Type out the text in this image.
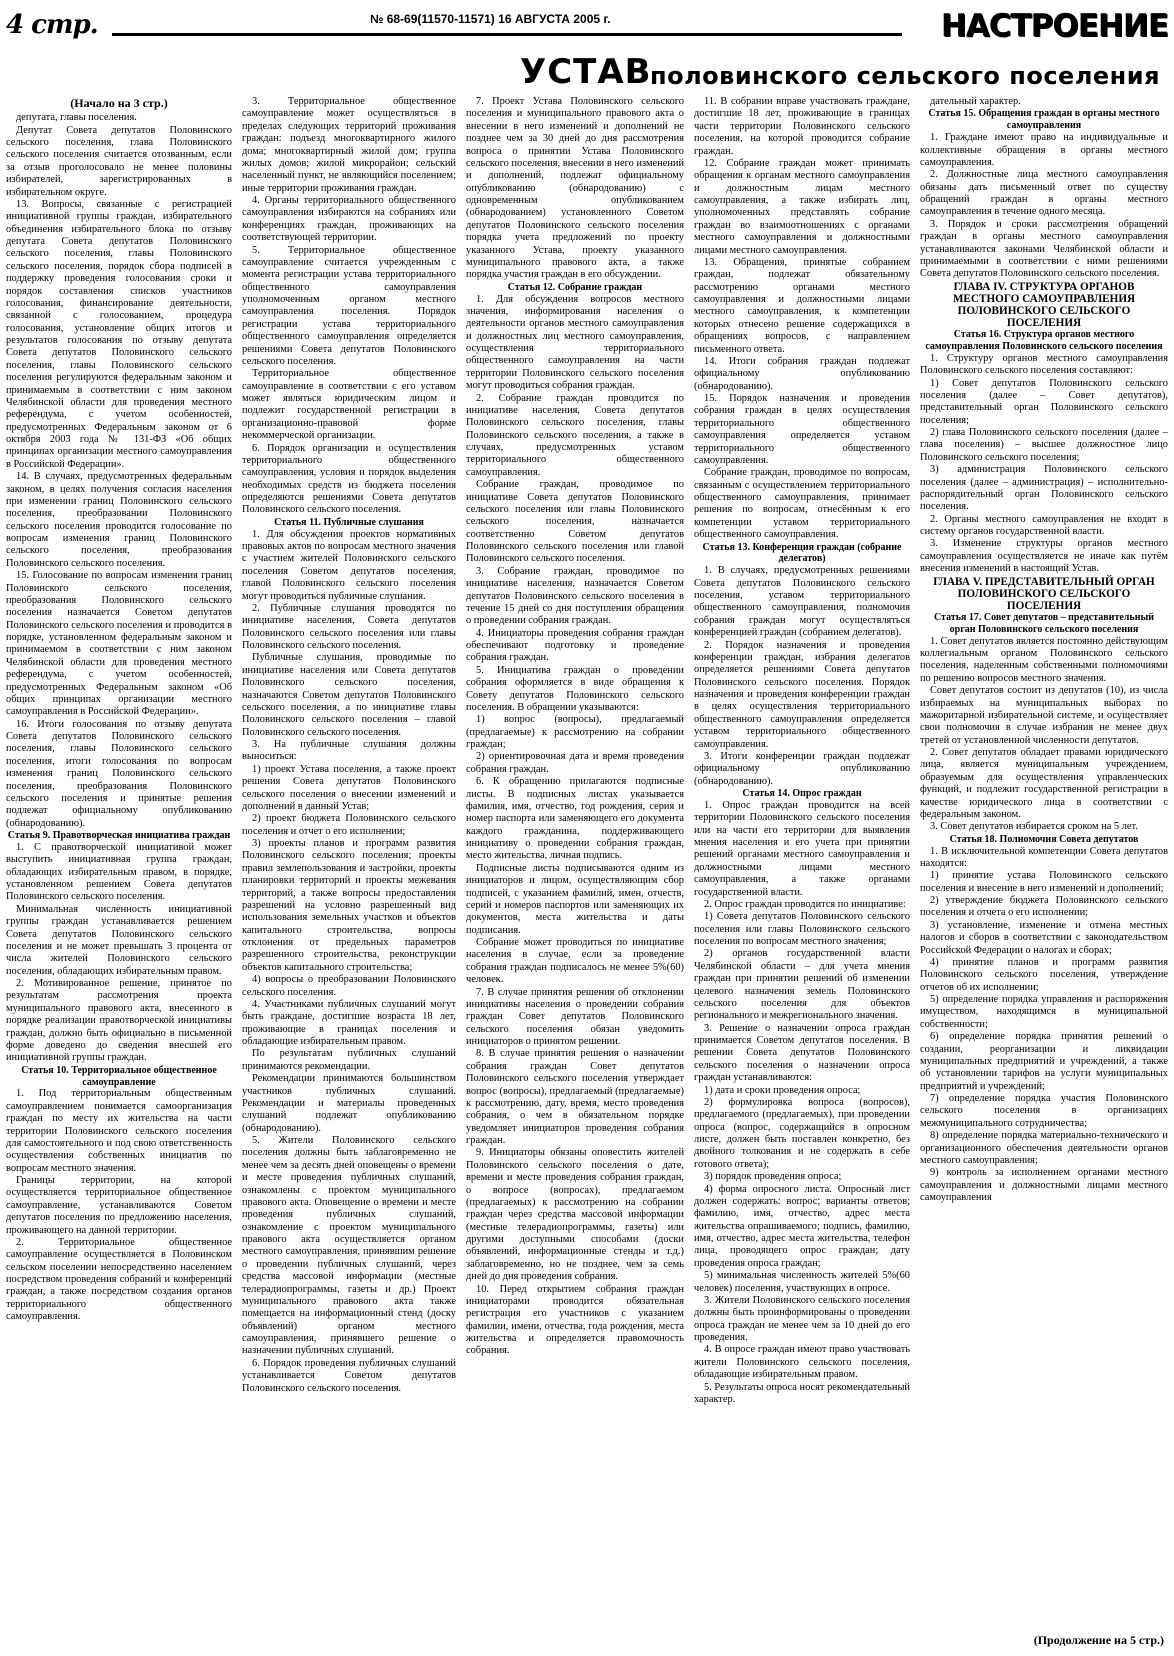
4 стр.	№ 68-69(11570-11571) 16 АВГУСТА 2005 г.	НАСТРОЕНИЕ
УСТАВ
половинского сельского поселения

(Начало на 3 стр.)

депутата, главы поселения.

Депутат Совета депутатов Половинского сельского поселения, глава Половинского сельского поселения считается отозванным, если за отзыв проголосовало не менее половины избирателей, зарегистрированных в избирательном округе.

13. Вопросы, связанные с регистрацией инициативной группы граждан, избирательного объединения избирательного блока по отзыву депутата Совета депутатов Половинского сельского поселения, главы Половинского сельского поселения, порядок сбора подписей в поддержку проведения голосования сроки и порядок составления списков участников голосования, финансирование деятельности, связанной с голосованием, процедура голосования, установление общих итогов и результатов голосования по отзыву депутата Совета депутатов Половинского сельского поселения, главы Половинского сельского поселения регулируются федеральным законом и принимаемым в соответствии с ним законом Челябинской области для проведения местного референдума, с учетом особенностей, предусмотренных Федеральным законом от 6 октября 2003 года № 131-ФЗ «Об общих принципах организации местного самоуправления в Российской Федерации».

14. В случаях, предусмотренных федеральным законом, в целях получения согласия населения при изменении границ Половинского сельского поселения, преобразовании Половинского сельского поселения проводится голосование по вопросам изменения границ Половинского сельского поселения, преобразования Половинского сельского поселения.

15. Голосование по вопросам изменения границ Половинского сельского поселения, преобразования Половинского сельского поселения назначается Советом депутатов Половинского сельского поселения и проводится в порядке, установленном федеральным законом и принимаемом в соответствии с ним законом Челябинской области для проведения местного референдума, с учетом особенностей, предусмотренных Федеральным законом «Об общих принципах организации местного самоуправления в Российской Федерации».

16. Итоги голосования по отзыву депутата Совета депутатов Половинского сельского поселения, главы Половинского сельского поселения, итоги голосования по вопросам изменения границ Половинского сельского поселения, преобразования Половинского сельского поселения и принятые решения подлежат официальному опубликованию (обнародованию).

Статья 9. Правотворческая инициатива граждан

1. С правотворческой инициативой может выступить инициативная группа граждан, обладающих избирательным правом, в порядке, установленном решением Совета депутатов Половинского сельского поселения.

Минимальная численность инициативной группы граждан устанавливается решением Совета депутатов Половинского сельского поселения и не может превышать 3 процента от числа жителей Половинского сельского поселения, обладающих избирательным правом.

2. Мотивированное решение, принятое по результатам рассмотрения проекта муниципального правового акта, внесенного в порядке реализации правотворческой инициативы граждан, должно быть официально в письменной форме доведено до сведения внесшей его инициативной группы граждан.

Статья 10. Территориальное общественное самоуправление

1. Под территориальным общественным самоуправлением понимается самоорганизация граждан по месту их жительства на части территории Половинского сельского поселения для самостоятельного и под свою ответственность осуществления собственных инициатив по вопросам местного значения.

Границы территории, на которой осуществляется территориальное общественное самоуправление, устанавливаются Советом депутатов поселения по предложению населения, проживающего на данной территории.

2. Территориальное общественное самоуправление осуществляется в Половинском сельском поселении непосредственно населением посредством проведения собраний и конференций граждан, а также посредством создания органов территориального общественного самоуправления.

3. Территориальное общественное самоуправление может осуществляться в пределах следующих территорий проживания граждан: подъезд многоквартирного жилого дома; многоквартирный жилой дом; группа жилых домов; жилой микрорайон; сельский населенный пункт, не являющийся поселением; иные территории проживания граждан.

4. Органы территориального общественного самоуправления избираются на собраниях или конференциях граждан, проживающих на соответствующей территории.

5. Территориальное общественное самоуправление считается учрежденным с момента регистрации устава территориального общественного самоуправления уполномоченным органом местного самоуправления поселения. Порядок регистрации устава территориального общественного самоуправления определяется решениями Совета депутатов Половинского сельского поселения.

Территориальное общественное самоуправление в соответствии с его уставом может являться юридическим лицом и подлежит государственной регистрации в организационно-правовой форме некоммерческой организации.

6. Порядок организации и осуществления территориального общественного самоуправления, условия и порядок выделения необходимых средств из бюджета поселения определяются решениями Совета депутатов Половинского сельского поселения.

Статья 11. Публичные слушания

1. Для обсуждения проектов нормативных правовых актов по вопросам местного значения с участием жителей Половинского сельского поселения Советом депутатов поселения, главой Половинского сельского поселения могут проводиться публичные слушания.

2. Публичные слушания проводятся по инициативе населения, Совета депутатов Половинского сельского поселения или главы Половинского сельского поселения.

Публичные слушания, проводимые по инициативе населения или Совета депутатов Половинского сельского поселения, назначаются Советом депутатов Половинского сельского поселения, а по инициативе главы Половинского сельского поселения – главой Половинского сельского поселения.

3. На публичные слушания должны выноситься:

1) проект Устава поселения, а также проект решения Совета депутатов Половинского сельского поселения о внесении изменений и дополнений в данный Устав;

2) проект бюджета Половинского сельского поселения и отчет о его исполнении;

3) проекты планов и программ развития Половинского сельского поселения; проекты правил землепользования и застройки, проекты планировки территорий и проекты межевания территорий, а также вопросы предоставления разрешений на условно разрешенный вид использования земельных участков и объектов капитального строительства, вопросы отклонения от предельных параметров разрешенного строительства, реконструкции объектов капитального строительства;

4) вопросы о преобразовании Половинского сельского поселения.

4. Участниками публичных слушаний могут быть граждане, достигшие возраста 18 лет, проживающие в границах поселения и обладающие избирательным правом.

По результатам публичных слушаний принимаются рекомендации.

Рекомендации принимаются большинством участников публичных слушаний. Рекомендации и материалы проведенных слушаний подлежат опубликованию (обнародованию).

5. Жители Половинского сельского поселения должны быть заблаговременно не менее чем за десять дней оповещены о времени и месте проведения публичных слушаний, ознакомлены с проектом муниципального правового акта. Оповещение о времени и месте проведения публичных слушаний, ознакомление с проектом муниципального правового акта осуществляется органом местного самоуправления, принявшим решение о проведении публичных слушаний, через средства массовой информации (местные телерадиопрограммы, газеты и др.) Проект муниципального правового акта также помещается на информационный стенд (доску объявлений) органом местного самоуправления, принявшего решение о назначении публичных слушаний.

6. Порядок проведения публичных слушаний устанавливается Советом депутатов Половинского сельского поселения.

7. Проект Устава Половинского сельского поселения и муниципального правового акта о внесении в него изменений и дополнений не позднее чем за 30 дней до дня рассмотрения вопроса о принятии Устава Половинского сельского поселения, внесении в него изменений и дополнений, подлежат официальному опубликованию (обнародованию) с одновременным опубликованием (обнародованием) установленного Советом депутатов Половинского сельского поселения порядка учета предложений по проекту указанного Устава, проекту указанного муниципального правового акта, а также порядка участия граждан в его обсуждении.

Статья 12. Собрание граждан

1. Для обсуждения вопросов местного значения, информирования населения о деятельности органов местного самоуправления и должностных лиц местного самоуправления, осуществления территориального общественного самоуправления на части территории Половинского сельского поселения могут проводиться собрания граждан.

2. Собрание граждан проводится по инициативе населения, Совета депутатов Половинского сельского поселения, главы Половинского сельского поселения, а также в случаях, предусмотренных уставом территориального общественного самоуправления.

Собрание граждан, проводимое по инициативе Совета депутатов Половинского сельского поселения или главы Половинского сельского поселения, назначается соответственно Советом депутатов Половинского сельского поселения или главой Половинского сельского поселения.

3. Собрание граждан, проводимое по инициативе населения, назначается Советом депутатов Половинского сельского поселения в течение 15 дней со дня поступления обращения о проведении собрания граждан.

4. Инициаторы проведения собрания граждан обеспечивают подготовку и проведение собрания граждан.

5. Инициатива граждан о проведении собрания оформляется в виде обращения к Совету депутатов Половинского сельского поселения. В обращении указываются:

1) вопрос (вопросы), предлагаемый (предлагаемые) к рассмотрению на собрании граждан;

2) ориентировочная дата и время проведения собрания граждан.

6. К обращению прилагаются подписные листы. В подписных листах указывается фамилия, имя, отчество, год рождения, серия и номер паспорта или заменяющего его документа каждого гражданина, поддерживающего инициативу о проведении собрания граждан, место жительства, личная подпись.

Подписные листы подписываются одним из инициаторов и лицом, осуществляющим сбор подписей, с указанием фамилий, имен, отчеств, серий и номеров паспортов или заменяющих их документов, места жительства и даты подписания.

Собрание может проводиться по инициативе населения в случае, если за проведение собрания граждан подписалось не менее 5%(60) человек.

7. В случае принятия решения об отклонении инициативы населения о проведении собрания граждан Совет депутатов Половинского сельского поселения обязан уведомить инициаторов о принятом решении.

8. В случае принятия решения о назначении собрания граждан Совет депутатов Половинского сельского поселения утверждает вопрос (вопросы), предлагаемый (предлагаемые) к рассмотрению, дату, время, место проведения собрания, о чем в обязательном порядке уведомляет инициаторов проведения собрания граждан.

9. Инициаторы обязаны оповестить жителей Половинского сельского поселения о дате, времени и месте проведения собрания граждан, о вопросе (вопросах), предлагаемом (предлагаемых) к рассмотрению на собрании граждан через средства массовой информации (местные телерадиопрограммы, газеты) или другими доступными способами (доски объявлений, информационные стенды и т.д.) заблаговременно, но не позднее, чем за семь дней до дня проведения собрания.

10. Перед открытием собрания граждан инициаторами проводится обязательная регистрация его участников с указанием фамилии, имени, отчества, года рождения, места жительства и определяется правомочность собрания.

11. В собрании вправе участвовать граждане, достигшие 18 лет, проживающие в границах части территории Половинского сельского поселения, на которой проводится собрание граждан.

12. Собрание граждан может принимать обращения к органам местного самоуправления и должностным лицам местного самоуправления, а также избирать лиц, уполномоченных представлять собрание граждан во взаимоотношениях с органами местного самоуправления и должностными лицами местного самоуправления.

13. Обращения, принятые собранием граждан, подлежат обязательному рассмотрению органами местного самоуправления и должностными лицами местного самоуправления, к компетенции которых отнесено решение содержащихся в обращениях вопросов, с направлением письменного ответа.

14. Итоги собрания граждан подлежат официальному опубликованию (обнародованию).

15. Порядок назначения и проведения собрания граждан в целях осуществления территориального общественного самоуправления определяется уставом территориального общественного самоуправления.

Собрание граждан, проводимое по вопросам, связанным с осуществлением территориального общественного самоуправления, принимает решения по вопросам, отнесённым к его компетенции уставом территориального общественного самоуправления.

Статья 13. Конференция граждан (собрание делегатов)

1. В случаях, предусмотренных решениями Совета депутатов Половинского сельского поселения, уставом территориального общественного самоуправления, полномочия собрания граждан могут осуществляться конференцией граждан (собранием делегатов).

2. Порядок назначения и проведения конференции граждан, избрания делегатов определяется решениями Совета депутатов Половинского сельского поселения. Порядок назначения и проведения конференции граждан в целях осуществления территориального общественного самоуправления определяется уставом территориального общественного самоуправления.

3. Итоги конференции граждан подлежат официальному опубликованию (обнародованию).

Статья 14. Опрос граждан

1. Опрос граждан проводится на всей территории Половинского сельского поселения или на части его территории для выявления мнения населения и его учета при принятии решений органами местного самоуправления и должностными лицами местного самоуправления, а также органами государственной власти.

2. Опрос граждан проводится по инициативе:

1) Совета депутатов Половинского сельского поселения или главы Половинского сельского поселения по вопросам местного значения;

2) органов государственной власти Челябинской области – для учета мнения граждан при принятии решений об изменении целевого назначения земель Половинского сельского поселения для объектов регионального и межрегионального значения.

3. Решение о назначении опроса граждан принимается Советом депутатов поселения. В решении Совета депутатов Половинского сельского поселения о назначении опроса граждан устанавливаются:

1) дата и сроки проведения опроса;

2) формулировка вопроса (вопросов), предлагаемого (предлагаемых), при проведении опроса (вопрос, содержащийся в опросном листе, должен быть поставлен конкретно, без двойного толкования и не содержать в себе готового ответа);

3) порядок проведения опроса;

4) форма опросного листа. Опросный лист должен содержать: вопрос; варианты ответов; фамилию, имя, отчество, адрес места жительства опрашиваемого; подпись, фамилию, имя, отчество, адрес места жительства, телефон лица, проводящего опрос граждан; дату проведения опроса граждан;

5) минимальная численность жителей 5%(60 человек) поселения, участвующих в опросе.

3. Жители Половинского сельского поселения должны быть проинформированы о проведении опроса граждан не менее чем за 10 дней до его проведения.

4. В опросе граждан имеют право участвовать жители Половинского сельского поселения, обладающие избирательным правом.

5. Результаты опроса носят рекомендательный характер.

дательный характер.

Статья 15. Обращения граждан в органы местного самоуправления

1. Граждане имеют право на индивидуальные и коллективные обращения в органы местного самоуправления.

2. Должностные лица местного самоуправления обязаны дать письменный ответ по существу обращений граждан в органы местного самоуправления в течение одного месяца.

3. Порядок и сроки рассмотрения обращений граждан в органы местного самоуправления устанавливаются законами Челябинской области и принимаемыми в соответствии с ними решениями Совета депутатов Половинского сельского поселения.

ГЛАВА IV. СТРУКТУРА ОРГАНОВ МЕСТНОГО САМОУПРАВЛЕНИЯ ПОЛОВИНСКОГО СЕЛЬСКОГО ПОСЕЛЕНИЯ

Статья 16. Структура органов местного самоуправления Половинского сельского поселения

1. Структуру органов местного самоуправления Половинского сельского поселения составляют:

1) Совет депутатов Половинского сельского поселения (далее – Совет депутатов), представительный орган Половинского сельского поселения;

2) глава Половинского сельского поселения (далее – глава поселения) – высшее должностное лицо Половинского сельского поселения;

3) администрация Половинского сельского поселения (далее – администрация) – исполнительно-распорядительный орган Половинского сельского поселения.

2. Органы местного самоуправления не входят в систему органов государственной власти.

3. Изменение структуры органов местного самоуправления осуществляется не иначе как путём внесения изменений в настоящий Устав.

ГЛАВА V. ПРЕДСТАВИТЕЛЬНЫЙ ОРГАН ПОЛОВИНСКОГО СЕЛЬСКОГО ПОСЕЛЕНИЯ

Статья 17. Совет депутатов – представительный орган Половинского сельского поселения

1. Совет депутатов является постоянно действующим коллегиальным органом Половинского сельского поселения, наделенным собственными полномочиями по решению вопросов местного значения.

Совет депутатов состоит из депутатов (10), из числа избираемых на муниципальных выборах по мажоритарной избирательной системе, и осуществляет свои полномочия в случае избрания не менее двух третей от установленной численности депутатов.

2. Совет депутатов обладает правами юридического лица, является муниципальным учреждением, образуемым для осуществления управленческих функций, и подлежит государственной регистрации в качестве юридического лица в соответствии с федеральным законом.

3. Совет депутатов избирается сроком на 5 лет.

Статья 18. Полномочия Совета депутатов

1. В исключительной компетенции Совета депутатов находятся:

1) принятие устава Половинского сельского поселения и внесение в него изменений и дополнений;

2) утверждение бюджета Половинского сельского поселения и отчета о его исполнении;

3) установление, изменение и отмена местных налогов и сборов в соответствии с законодательством Российской Федерации о налогах и сборах;

4) принятие планов и программ развития Половинского сельского поселения, утверждение отчетов об их исполнении;

5) определение порядка управления и распоряжения имуществом, находящимся в муниципальной собственности;

6) определение порядка принятия решений о создании, реорганизации и ликвидации муниципальных предприятий и учреждений, а также об установлении тарифов на услуги муниципальных предприятий и учреждений;

7) определение порядка участия Половинского сельского поселения в организациях межмуниципального сотрудничества;

8) определение порядка материально-технического и организационного обеспечения деятельности органов местного самоуправления;

9) контроль за исполнением органами местного самоуправления и должностными лицами местного самоуправления

(Продолжение на 5 стр.)
